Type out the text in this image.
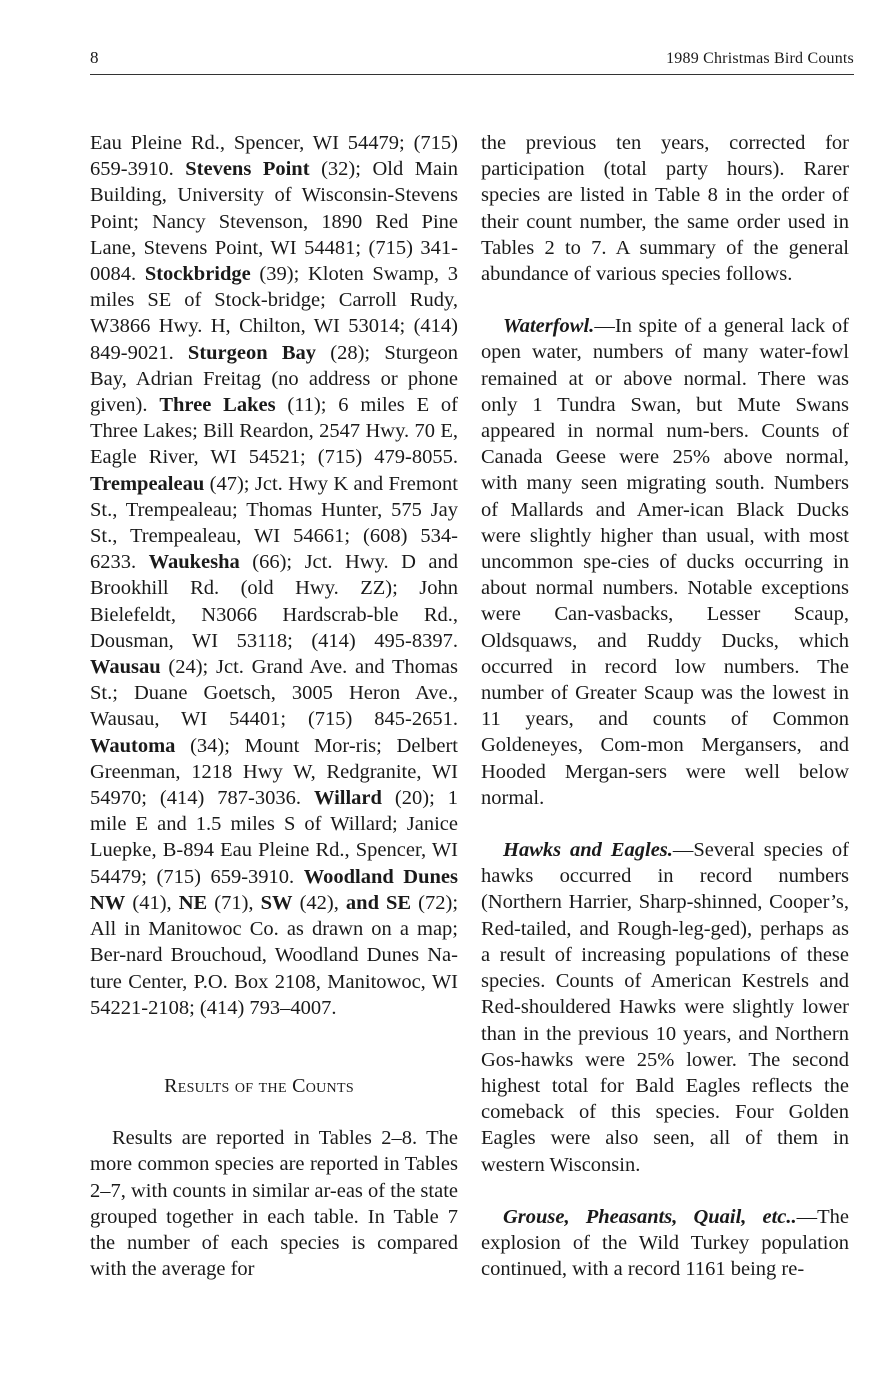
8	1989 Christmas Bird Counts

Eau Pleine Rd., Spencer, WI 54479; (715) 659-3910. Stevens Point (32); Old Main Building, University of Wisconsin-Stevens Point; Nancy Stevenson, 1890 Red Pine Lane, Stevens Point, WI 54481; (715) 341-0084. Stockbridge (39); Kloten Swamp, 3 miles SE of Stock-bridge; Carroll Rudy, W3866 Hwy. H, Chilton, WI 53014; (414) 849-9021. Sturgeon Bay (28); Sturgeon Bay, Adrian Freitag (no address or phone given). Three Lakes (11); 6 miles E of Three Lakes; Bill Reardon, 2547 Hwy. 70 E, Eagle River, WI 54521; (715) 479-8055. Trempealeau (47); Jct. Hwy K and Fremont St., Trempealeau; Thomas Hunter, 575 Jay St., Trempealeau, WI 54661; (608) 534-6233. Waukesha (66); Jct. Hwy. D and Brookhill Rd. (old Hwy. ZZ); John Bielefeldt, N3066 Hardscrab-ble Rd., Dousman, WI 53118; (414) 495-8397. Wausau (24); Jct. Grand Ave. and Thomas St.; Duane Goetsch, 3005 Heron Ave., Wausau, WI 54401; (715) 845-2651. Wautoma (34); Mount Mor-ris; Delbert Greenman, 1218 Hwy W, Redgranite, WI 54970; (414) 787-3036. Willard (20); 1 mile E and 1.5 miles S of Willard; Janice Luepke, B-894 Eau Pleine Rd., Spencer, WI 54479; (715) 659-3910. Woodland Dunes NW (41), NE (71), SW (42), and SE (72); All in Manitowoc Co. as drawn on a map; Ber-nard Brouchoud, Woodland Dunes Na-ture Center, P.O. Box 2108, Manitowoc, WI 54221-2108; (414) 793–4007.

Results of the Counts

Results are reported in Tables 2–8. The more common species are reported in Tables 2–7, with counts in similar ar-eas of the state grouped together in each table. In Table 7 the number of each species is compared with the average for

the previous ten years, corrected for participation (total party hours). Rarer species are listed in Table 8 in the order of their count number, the same order used in Tables 2 to 7. A summary of the general abundance of various species follows.

Waterfowl.—In spite of a general lack of open water, numbers of many water-fowl remained at or above normal. There was only 1 Tundra Swan, but Mute Swans appeared in normal num-bers. Counts of Canada Geese were 25% above normal, with many seen migrating south. Numbers of Mallards and Amer-ican Black Ducks were slightly higher than usual, with most uncommon spe-cies of ducks occurring in about normal numbers. Notable exceptions were Can-vasbacks, Lesser Scaup, Oldsquaws, and Ruddy Ducks, which occurred in record low numbers. The number of Greater Scaup was the lowest in 11 years, and counts of Common Goldeneyes, Com-mon Mergansers, and Hooded Mergan-sers were well below normal.

Hawks and Eagles.—Several species of hawks occurred in record numbers (Northern Harrier, Sharp-shinned, Cooper’s, Red-tailed, and Rough-leg-ged), perhaps as a result of increasing populations of these species. Counts of American Kestrels and Red-shouldered Hawks were slightly lower than in the previous 10 years, and Northern Gos-hawks were 25% lower. The second highest total for Bald Eagles reflects the comeback of this species. Four Golden Eagles were also seen, all of them in western Wisconsin.

Grouse, Pheasants, Quail, etc..—The explosion of the Wild Turkey population continued, with a record 1161 being re-
